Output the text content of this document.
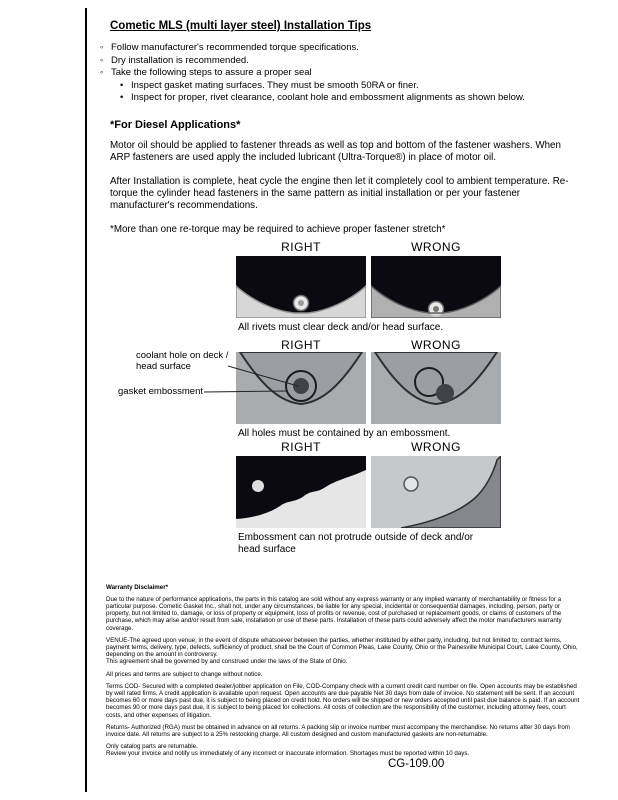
Cometic MLS (multi layer steel) Installation Tips
◦ Follow manufacturer's recommended torque specifications.
◦ Dry installation is recommended.
◦ Take the following steps to assure a proper seal
• Inspect gasket mating surfaces. They must be smooth 50RA or finer.
• Inspect for proper, rivet clearance, coolant hole and embossment alignments as shown below.
*For Diesel Applications*

Motor oil should be applied to fastener threads as well as top and bottom of the fastener washers. When ARP fasteners are used apply the included lubricant (Ultra-Torque®) in place of motor oil.

After Installation is complete, heat cycle the engine then let it completely cool to ambient temperature. Re-torque the cylinder head fasteners in the same pattern as initial installation or per your fastener manufacturer's recommendations.

*More than one re-torque may be required to achieve proper fastener stretch*

RIGHT	WRONG
All rivets must clear deck and/or head surface.
RIGHT	WRONG
coolant hole on deck / head surface
gasket embossment
All holes must be contained by an embossment.
RIGHT	WRONG
Embossment can not protrude outside of deck and/or head surface
Warranty Disclaimer*

Due to the nature of performance applications, the parts in this catalog are sold without any express warranty or any implied warranty of merchantability or fitness for a particular purpose. Cometic Gasket Inc., shall not, under any circumstances, be liable for any special, incidental or consequential damages, including, person, party or property, but not limited to, damage, or loss of property or equipment, loss of profits or revenue, cost of purchased or replacement goods, or claims of customers of the purchase, which may arise and/or result from sale, installation or use of these parts. Installation of these parts could adversely affect the motor manufacturers warranty coverage.

VENUE-The agreed upon venue, in the event of dispute whatsoever between the parties, whether instituted by either party, including, but not limited to, contract terms, payment terms, delivery, type, defects, sufficiency of product, shall be the Court of Common Pleas, Lake County, Ohio or the Painesville Municipal Court, Lake County, Ohio, depending on the amount in controversy.
This agreement shall be governed by and construed under the laws of the State of Ohio.

All prices and terms are subject to change without notice.

Terms COD- Secured with a completed dealer/jobber application on File, COD-Company check with a current credit card number on file. Open accounts may be established by well rated firms. A credit application is available upon request. Open accounts are due payable Net 30 days from date of invoice. No statement will be sent. If an account becomes 60 or more days past due, it is subject to being placed on credit hold. No orders will be shipped or new orders accepted until past due balance is paid. If an account becomes 90 or more days past due, it is subject to being placed for collections. All costs of collection are the responsibility of the customer, including attorney fees, court costs, and other expenses of litigation.

Returns- Authorized (RGA) must be obtained in advance on all returns. A packing slip or invoice number must accompany the merchandise. No returns after 30 days from invoice date. All returns are subject to a 25% restocking charge. All custom designed and custom manufactured gaskets are non-returnable.

Only catalog parts are returnable.
Review your invoice and notify us immediately of any incorrect or inaccurate information. Shortages must be reported within 10 days.
CG-109.00
